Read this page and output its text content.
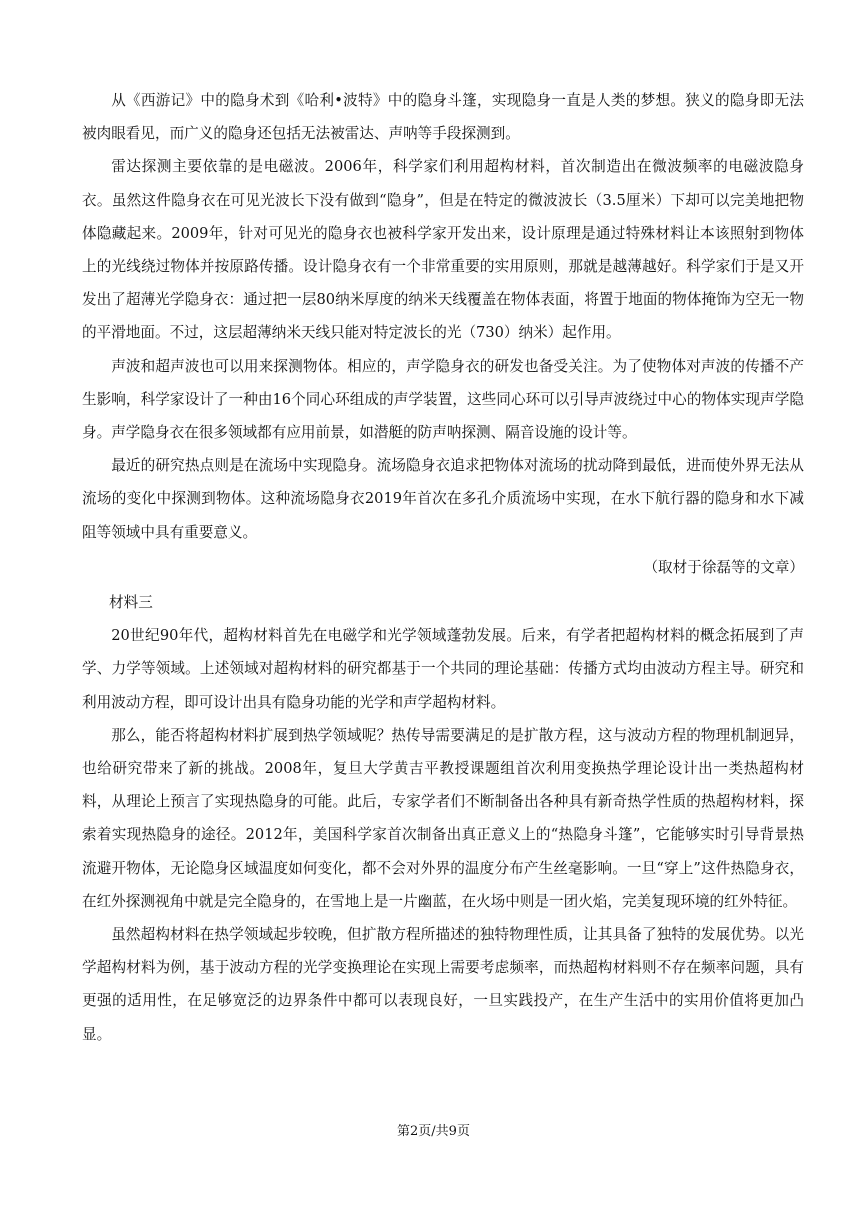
从《西游记》中的隐身术到《哈利•波特》中的隐身斗篷，实现隐身一直是人类的梦想。狭义的隐身即无法被肉眼看见，而广义的隐身还包括无法被雷达、声呐等手段探测到。

雷达探测主要依靠的是电磁波。2006年，科学家们利用超构材料，首次制造出在微波频率的电磁波隐身衣。虽然这件隐身衣在可见光波长下没有做到“隐身”，但是在特定的微波波长（3.5厘米）下却可以完美地把物体隐藏起来。2009年，针对可见光的隐身衣也被科学家开发出来，设计原理是通过特殊材料让本该照射到物体上的光线绕过物体并按原路传播。设计隐身衣有一个非常重要的实用原则，那就是越薄越好。科学家们于是又开发出了超薄光学隐身衣：通过把一层80纳米厚度的纳米天线覆盖在物体表面，将置于地面的物体掩饰为空无一物的平滑地面。不过，这层超薄纳米天线只能对特定波长的光（730）纳米）起作用。

声波和超声波也可以用来探测物体。相应的，声学隐身衣的研发也备受关注。为了使物体对声波的传播不产生影响，科学家设计了一种由16个同心环组成的声学装置，这些同心环可以引导声波绕过中心的物体实现声学隐身。声学隐身衣在很多领域都有应用前景，如潜艇的防声呐探测、隔音设施的设计等。

最近的研究热点则是在流场中实现隐身。流场隐身衣追求把物体对流场的扰动降到最低，进而使外界无法从流场的变化中探测到物体。这种流场隐身衣2019年首次在多孔介质流场中实现，在水下航行器的隐身和水下减阻等领域中具有重要意义。

（取材于徐磊等的文章）

材料三

20世纪90年代，超构材料首先在电磁学和光学领域蓬勃发展。后来，有学者把超构材料的概念拓展到了声学、力学等领域。上述领域对超构材料的研究都基于一个共同的理论基础：传播方式均由波动方程主导。研究和利用波动方程，即可设计出具有隐身功能的光学和声学超构材料。

那么，能否将超构材料扩展到热学领域呢？热传导需要满足的是扩散方程，这与波动方程的物理机制迥异，也给研究带来了新的挑战。2008年，复旦大学黄吉平教授课题组首次利用变换热学理论设计出一类热超构材料，从理论上预言了实现热隐身的可能。此后，专家学者们不断制备出各种具有新奇热学性质的热超构材料，探索着实现热隐身的途径。2012年，美国科学家首次制备出真正意义上的“热隐身斗篷”，它能够实时引导背景热流避开物体，无论隐身区域温度如何变化，都不会对外界的温度分布产生丝毫影响。一旦“穿上”这件热隐身衣，在红外探测视角中就是完全隐身的，在雪地上是一片幽蓝，在火场中则是一团火焰，完美复现环境的红外特征。

虽然超构材料在热学领域起步较晚，但扩散方程所描述的独特物理性质，让其具备了独特的发展优势。以光学超构材料为例，基于波动方程的光学变换理论在实现上需要考虑频率，而热超构材料则不存在频率问题，具有更强的适用性，在足够宽泛的边界条件中都可以表现良好，一旦实践投产，在生产生活中的实用价值将更加凸显。

第2页/共9页
